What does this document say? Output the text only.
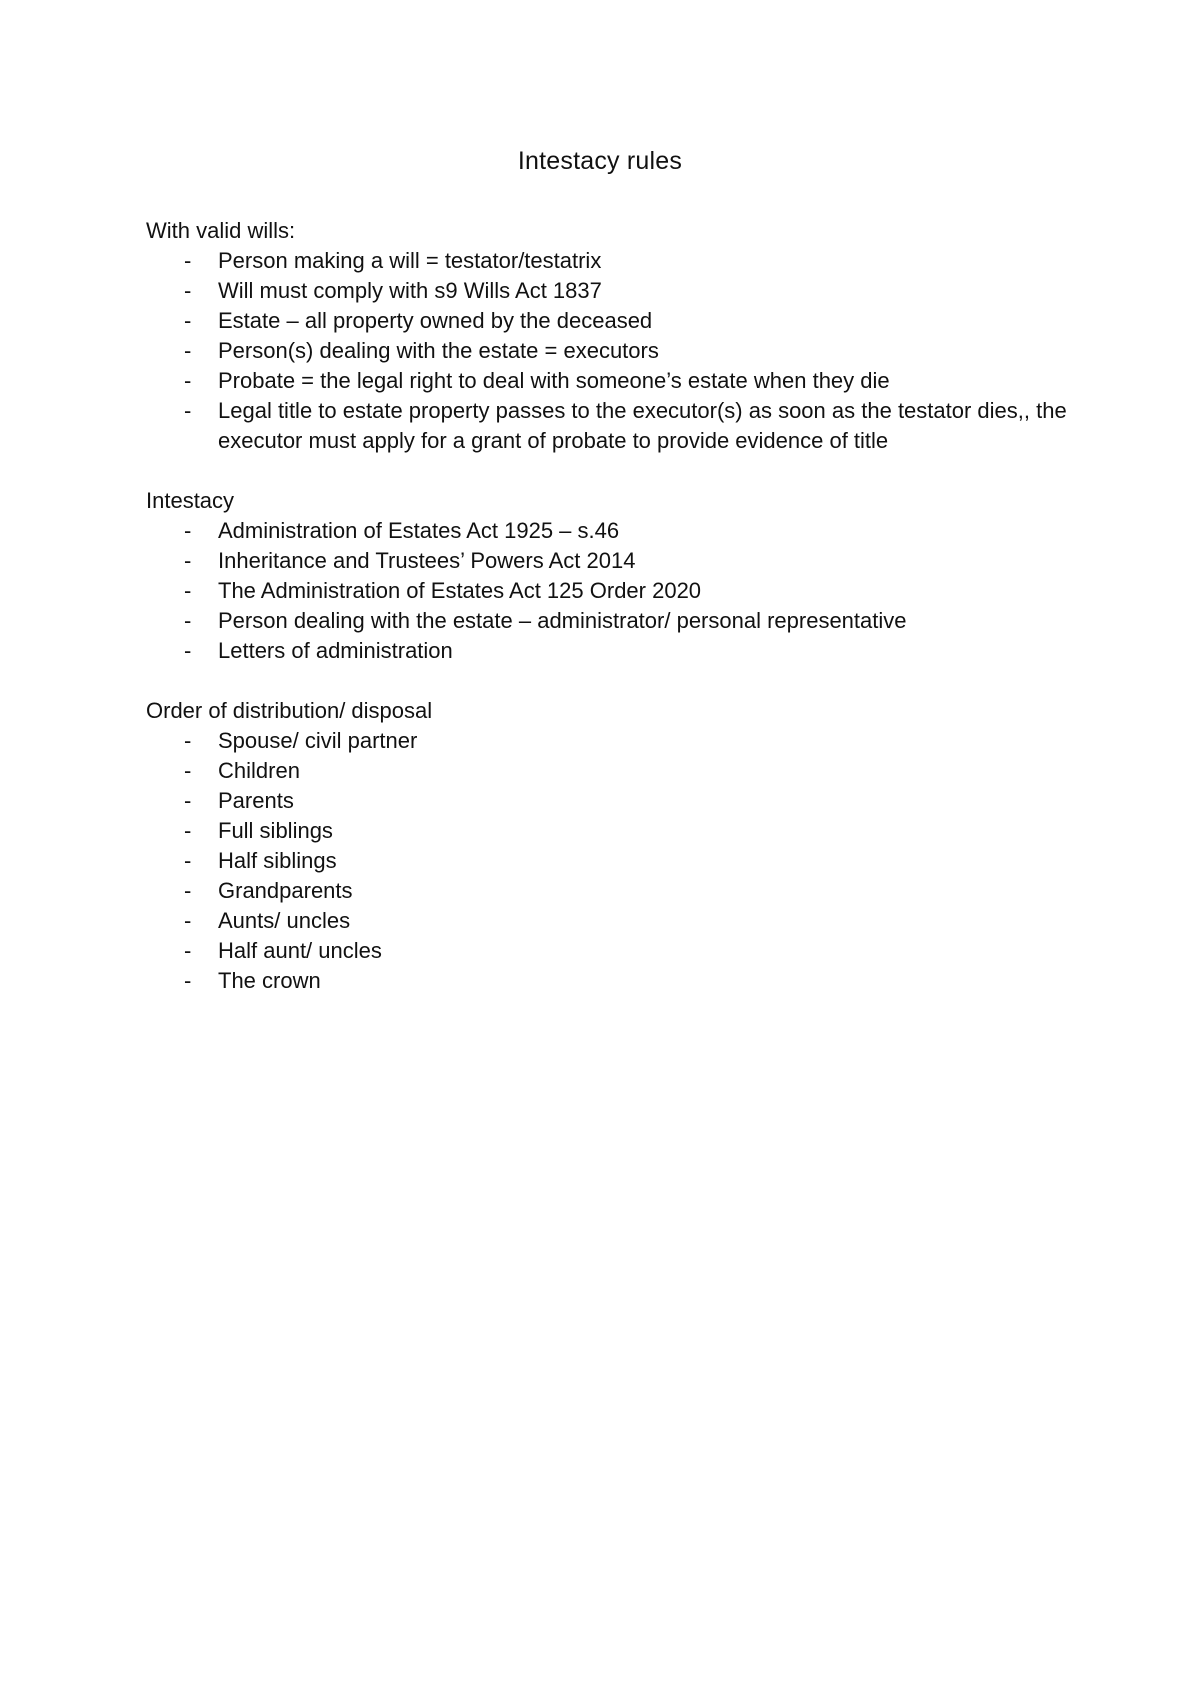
Intestacy rules

With valid wills:

- Person making a will = testator/testatrix
- Will must comply with s9 Wills Act 1837
- Estate – all property owned by the deceased
- Person(s) dealing with the estate = executors
- Probate = the legal right to deal with someone’s estate when they die
- Legal title to estate property passes to the executor(s) as soon as the testator dies,, the executor must apply for a grant of probate to provide evidence of title

Intestacy

- Administration of Estates Act 1925 – s.46
- Inheritance and Trustees’ Powers Act 2014
- The Administration of Estates Act 125 Order 2020
- Person dealing with the estate – administrator/ personal representative
- Letters of administration

Order of distribution/ disposal

- Spouse/ civil partner
- Children
- Parents
- Full siblings
- Half siblings
- Grandparents
- Aunts/ uncles
- Half aunt/ uncles
- The crown
